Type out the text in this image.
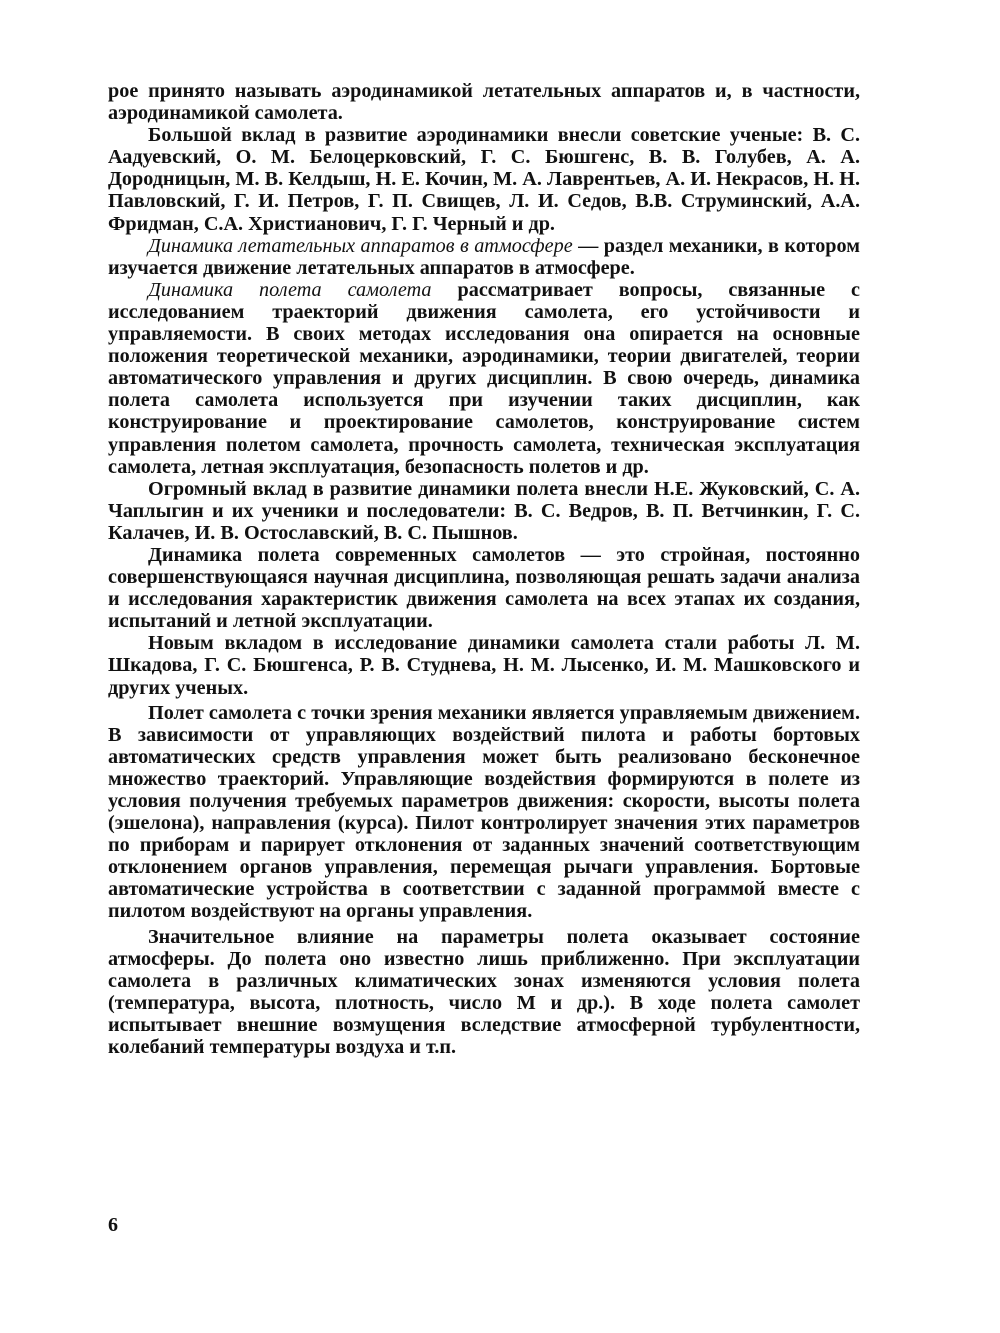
рое принято называть аэродинамикой летательных аппаратов и, в частности, аэродинамикой самолета.

Большой вклад в развитие аэродинамики внесли советские ученые: В. С. Аадуевский, О. М. Белоцерковский, Г. С. Бюшгенс, В. В. Голубев, А. А. Дородницын, М. В. Келдыш, Н. Е. Кочин, М. А. Лаврентьев, А. И. Некрасов, Н. Н. Павловский, Г. И. Петров, Г. П. Свищев, Л. И. Седов, В.В. Струминский, А.А. Фридман, С.А. Христианович, Г. Г. Черный и др.

Динамика летательных аппаратов в атмосфере — раздел механики, в котором изучается движение летательных аппаратов в атмосфере.

Динамика полета самолета рассматривает вопросы, связанные с исследованием траекторий движения самолета, его устойчивости и управляемости. В своих методах исследования она опирается на основные положения теоретической механики, аэродинамики, теории двигателей, теории автоматического управления и других дисциплин. В свою очередь, динамика полета самолета используется при изучении таких дисциплин, как конструирование и проектирование самолетов, конструирование систем управления полетом самолета, прочность самолета, техническая эксплуатация самолета, летная эксплуатация, безопасность полетов и др.

Огромный вклад в развитие динамики полета внесли Н.Е. Жуковский, С. А. Чаплыгин и их ученики и последователи: В. С. Ведров, В. П. Ветчинкин, Г. С. Калачев, И. В. Остославский, В. С. Пышнов.

Динамика полета современных самолетов — это стройная, постоянно совершенствующаяся научная дисциплина, позволяющая решать задачи анализа и исследования характеристик движения самолета на всех этапах их создания, испытаний и летной эксплуатации.

Новым вкладом в исследование динамики самолета стали работы Л. М. Шкадова, Г. С. Бюшгенса, Р. В. Студнева, Н. М. Лысенко, И. М. Машковского и других ученых.

Полет самолета с точки зрения механики является управляемым движением. В зависимости от управляющих воздействий пилота и работы бортовых автоматических средств управления может быть реализовано бесконечное множество траекторий. Управляющие воздействия формируются в полете из условия получения требуемых параметров движения: скорости, высоты полета (эшелона), направления (курса). Пилот контролирует значения этих параметров по приборам и парирует отклонения от заданных значений соответствующим отклонением органов управления, перемещая рычаги управления. Бортовые автоматические устройства в соответствии с заданной программой вместе с пилотом воздействуют на органы управления.

Значительное влияние на параметры полета оказывает состояние атмосферы. До полета оно известно лишь приближенно. При эксплуатации самолета в различных климатических зонах изменяются условия полета (температура, высота, плотность, число М и др.). В ходе полета самолет испытывает внешние возмущения вследствие атмосферной турбулентности, колебаний температуры воздуха и т.п.

6
